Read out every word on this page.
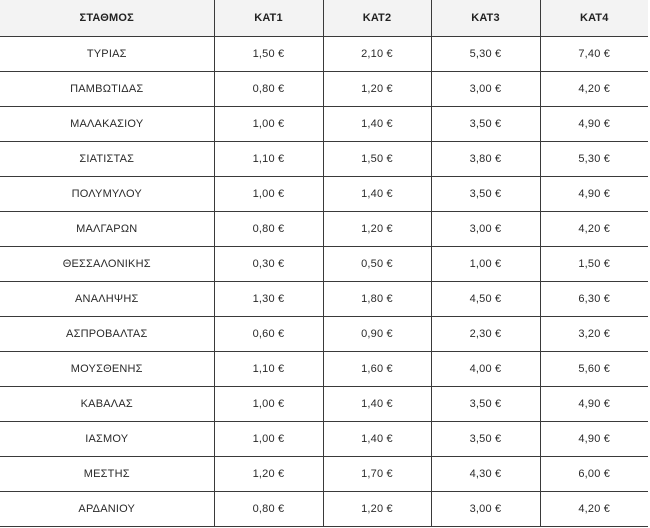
ΣΤΑΘΜΟΣ	ΚΑΤ1	ΚΑΤ2	ΚΑΤ3	ΚΑΤ4
ΤΥΡΙΑΣ	1,50 €	2,10 €	5,30 €	7,40 €
ΠΑΜΒΩΤΙΔΑΣ	0,80 €	1,20 €	3,00 €	4,20 €
ΜΑΛΑΚΑΣΙΟΥ	1,00 €	1,40 €	3,50 €	4,90 €
ΣΙΑΤΙΣΤΑΣ	1,10 €	1,50 €	3,80 €	5,30 €
ΠΟΛΥΜΥΛΟΥ	1,00 €	1,40 €	3,50 €	4,90 €
ΜΑΛΓΑΡΩΝ	0,80 €	1,20 €	3,00 €	4,20 €
ΘΕΣΣΑΛΟΝΙΚΗΣ	0,30 €	0,50 €	1,00 €	1,50 €
ΑΝΑΛΗΨΗΣ	1,30 €	1,80 €	4,50 €	6,30 €
ΑΣΠΡΟΒΑΛΤΑΣ	0,60 €	0,90 €	2,30 €	3,20 €
ΜΟΥΣΘΕΝΗΣ	1,10 €	1,60 €	4,00 €	5,60 €
ΚΑΒΑΛΑΣ	1,00 €	1,40 €	3,50 €	4,90 €
ΙΑΣΜΟΥ	1,00 €	1,40 €	3,50 €	4,90 €
ΜΕΣΤΗΣ	1,20 €	1,70 €	4,30 €	6,00 €
ΑΡΔΑΝΙΟΥ	0,80 €	1,20 €	3,00 €	4,20 €
